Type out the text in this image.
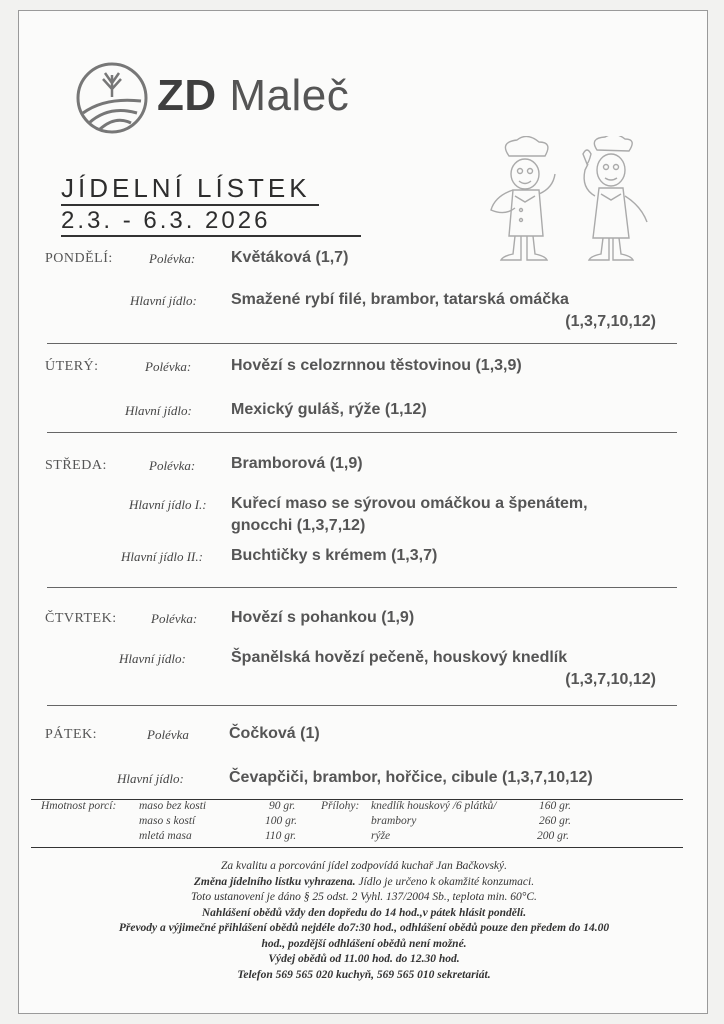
ZD Maleč
JÍDELNÍ LÍSTEK
2.3. - 6.3. 2026
PONDĚLÍ:	Polévka: Květáková (1,7)
Hlavní jídlo: Smažené rybí filé, brambor, tatarská omáčka
(1,3,7,10,12)
ÚTERÝ:	Polévka: Hovězí s celozrnnou těstovinou (1,3,9)
Hlavní jídlo: Mexický guláš, rýže (1,12)
STŘEDA:	Polévka: Bramborová (1,9)
Hlavní jídlo I.: Kuřecí maso se sýrovou omáčkou a špenátem,
gnocchi (1,3,7,12)
Hlavní jídlo II.: Buchtičky s krémem (1,3,7)
ČTVRTEK:	Polévka: Hovězí s pohankou (1,9)
Hlavní jídlo:	Španělská hovězí pečeně, houskový knedlík
(1,3,7,10,12)
PÁTEK:	Polévka	Čočková (1)
Hlavní jídlo:	Čevapčiči, brambor, hořčice, cibule (1,3,7,10,12)
Hmotnost porcí: maso bez kosti	90 gr.
maso s kostí	100 gr.
mletá masa	110 gr.
Přílohy: knedlík houskový /6 plátků/	160 gr.
brambory	260 gr.
rýže	200 gr.
Za kvalitu a porcování jídel zodpovídá kuchař Jan Bačkovský.
Změna jídelního lístku vyhrazena. Jídlo je určeno k okamžité konzumaci.
Toto ustanovení je dáno § 25 odst. 2 Vyhl. 137/2004 Sb., teplota min. 60°C.
Nahlášení obědů vždy den dopředu do 14 hod.,v pátek hlásit pondělí.
Převody a výjimečné přihlášení obědů nejdéle do7:30 hod., odhlášení obědů pouze den předem do 14.00
hod., pozdější odhlášení obědů není možné.
Výdej obědů od 11.00 hod. do 12.30 hod.
Telefon 569 565 020 kuchyň, 569 565 010 sekretariát.
